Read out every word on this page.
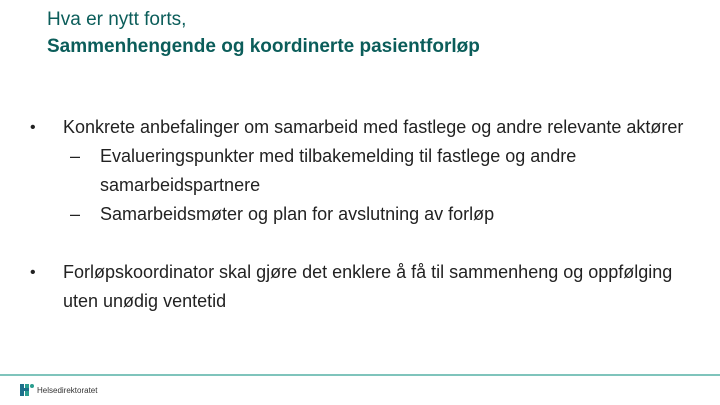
Hva er nytt forts,
Sammenhengende og koordinerte pasientforløp
• Konkrete anbefalinger om samarbeid med fastlege og andre relevante aktører
– Evalueringspunkter med tilbakemelding til fastlege og andre samarbeidspartnere
– Samarbeidsmøter og plan for avslutning av forløp
• Forløpskoordinator skal gjøre det enklere å få til sammenheng og oppfølging uten unødig ventetid
Helsedirektoratet
